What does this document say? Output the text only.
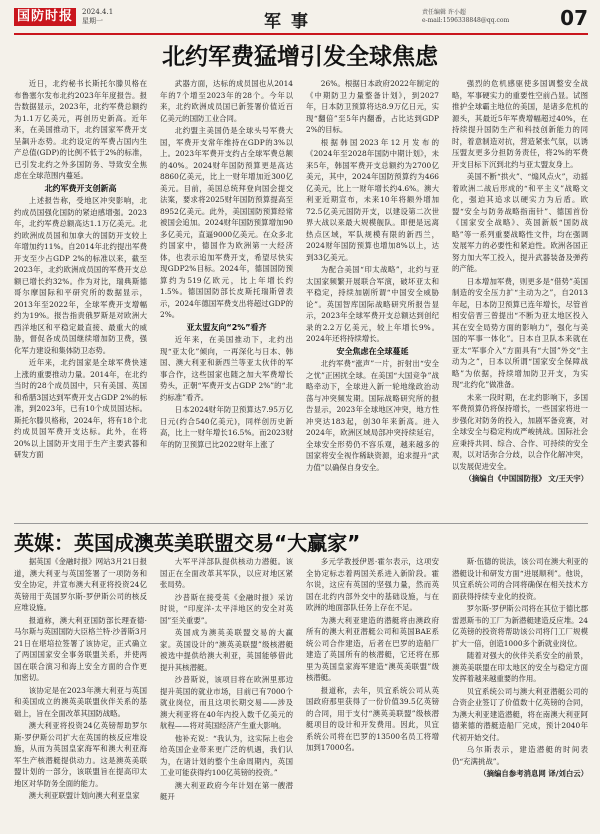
国防时报	2024.4.1
星期一	军事	责任编辑 许小超
e-mail:1596338848@qq.com	07
北约军费猛增引发全球焦虑

近日，北约秘书长斯托尔滕贝格在布鲁塞尔发布北约2023年年度报告。报告数据显示，2023年，北约军费总额约为1.1万亿美元，再创历史新高。近年来，在美国推动下，北约国家军费开支呈飙升态势。北约设定的军费占国内生产总值(GDP)的比例不低于2%的标准，已引发北约之外多国防务、导致安全焦虑在全球范围内蔓延。

北约军费开支创新高

上述报告称，受地区冲突影响，北约成员国强化国防的紧迫感增强。2023年，北约军费总额高达1.1万亿美元。北约欧洲成员国和加拿大的国防开支较上年增加约11%。自2014年北约提出军费开支至少占GDP 2%的标准以来，截至2023年，北约欧洲成员国的军费开支总额已增长约32%。作为对比，瑞典斯德哥尔摩国际和平研究所的数据显示，2013年至2022年，全球军费开支增幅约为19%。报告指责俄罗斯是对欧洲大西洋地区和平稳定最直接、最重大的威胁，督促各成员国继续增加防卫费，强化军力建设和集体防卫态势。

近年来，北约国家是全球军费快速上涨的重要推动力量。2014年，在北约当时的28个成员国中，只有美国、英国和希腊3国达到军费开支占GDP 2%的标准，到2023年，已有10个成员国达标。斯托尔滕贝格称，2024年，将有18个北约成员国军费开支达标。此外，在将20%以上国防开支用于生产主要武器和研发方面

武器方面，达标的成员国也从2014年的7个增至2023年的28个。今年以来，北约欧洲成员国已新签署价值近百亿美元的国防工业合同。

北约盟主美国仍是全球头号军费大国，军费开支常年维持在GDP的3%以上。2023年军费开支约占全球军费总额的40%。2024财年国防预算更是高达8860亿美元，比上一财年增加近300亿美元。目前，美国总统拜登向国会提交法案，要求将2025财年国防预算提高至8952亿美元。此外，美国国防预算经常被国会追加。2024财年国防预算增加90多亿美元，直逼9000亿美元。在众多北约国家中，德国作为欧洲第一大经济体，也表示追加军费开支，希望尽快实现GDP2%目标。2024年，德国国防预算约为519亿欧元，比上年增长约1.5%。德国国防部长皮斯托瑞斯曾表示，2024年德国军费支出将超过GDP的2%。

亚太盟友向“2%”看齐

近年来，在美国推动下，北约出现“亚太化”倾向，一再深化与日本、韩国、澳大利亚和新西兰等亚太伙伴的军事合作，这些国家也随之加大军费增长势头，正朝“军费开支占GDP 2%”的“北约标准”看齐。

日本2024财年防卫预算达7.95万亿日元(约合540亿美元)，同样创历史新高，比上一财年增长16.5%。而2023财年的防卫预算已比2022财年上涨了

26%。根据日本政府2022年制定的《中期防卫力量整备计划》，到2027年，日本防卫预算将达8.9万亿日元，实现“翻倍”至5年内翻番，占比达到GDP 2%的目标。

根据韩国2023年12月发布的《2024年至2028年国防中期计划》，未来5年，韩国军费开支总额约为2700亿美元，其中，2024年国防预算约为466亿美元，比上一财年增长约4.6%。澳大利亚近期宣布，未来10年将额外增加72.5亿美元国防开支，以建设第二次世界大战以来最大规模舰队。即便是远离热点区域，军队规模有限的新西兰，2024财年国防预算也增加8%以上，达到33亿美元。

为配合美国“印太战略”，北约与亚太国家频繁开展联合军演，破坏亚太和平稳定，持续加剧所谓“中国安全威胁论”。英国智库国际战略研究所报告显示，2023年全球军费开支总额达到创纪录的2.2万亿美元，较上年增长9%。2024年还将持续增长。

安全焦虑在全球蔓延

北约军费“涨声”一片，折射出“安全之忧”正困扰全球。在美国“大国竞争”战略牵动下，全球进入新一轮地缘政治动荡与冲突频发期。国际战略研究所的报告显示，2023年全球地区冲突，地方性冲突达183起，创30年来新高。进入2024年，欧洲区域局部冲突持续延宕，全球安全形势仍不容乐观，越来越多的国家将安全视作稀缺资源，追求提升“武力值”以确保自身安全。

强烈的危机感驱使多国调整安全战略，军事硬实力的重要性空前凸显。试图推护全球霸主地位的美国，是诸多危机的源头，其最近5年军费增幅超过40%，在持续提升国防生产和科技创新能力的同时，着意制造对抗，营造紧张气氛，以诱压盟友更多分担防务责任，将2%的军费开支目标下沉到北约与亚太盟友身上。

美国不断“拱火”、“煽风点火”，动摇着欧洲二战后形成的“和平主义”战略文化，强迫其追求以硬实力为后盾。欧盟“安全与防务战略指南针”、德国首份《国家安全战略》、英国新版“国防战略”等一系列重要战略性文件，均在强调发展军力的必要性和紧迫性。欧洲各国正努力加大军工投入，提升武器装备及弹药的产能。

日本增加军费，则更多是“借势”美国制造的安全压力扩“主动为之”，自2013年起，日本防卫预算已连年增长，尽管首相安倍晋三曾提出“不断为亚太地区投入其在安全局势方面的影响力”，强化与美国的军事一体化”。日本自卫队本来就在亚太“军事介入”方面具有“大国”外交“主动为之”，日本以所谓“国家安全保障战略”为依据，持续增加防卫开支，为实现“北约化”做准备。

未来一段时期，在北约影响下，多国军费预算仍将保持增长，一些国家将进一步强化对防务的投入，加剧军备竞赛，对全球安全与稳定构成严峻挑战。国际社会应秉持共同、综合、合作、可持续的安全观，以对话弥合分歧，以合作化解冲突，以发展促进安全。

（摘编自《中国国防报》 文/王天宇）

英媒：英国成澳英美联盟交易“大赢家”

据英国《金融时报》网站3月21日报道，澳大利亚与英国签署了一项防务和安全协定，并宣布澳大利亚将投资24亿英镑用于英国罗尔斯-罗伊斯公司的核反应堆设施。

报道称，澳大利亚国防部长理查德·马尔斯与英国国防大臣格兰特·沙普斯3月21日在堪培拉签署了该协定，正式确立了两国国家安全事务联盟关系，并使两国在联合演习和海上安全方面的合作更加密切。

该协定是在2023年澳大利亚与英国和美国成立的澳英美联盟伙伴关系的基础上，旨在全面改革其国防战略。

澳大利亚将投资24亿英镑帮助罗尔斯-罗伊斯公司扩大在英国的核反应堆设施，从而为英国皇家海军和澳大利亚海军生产核潜艇提供动力。这是澳英美联盟计划的一部分，该联盟旨在提高印太地区对华防务全面的能力。

澳大利亚联盟计划向澳大利亚皇家

大军平洋部队提供核动力潜艇。该国正在全面改革其军队，以应对地区紧张局势。

沙普斯在接受英《金融时报》采访时说，“印度洋-太平洋地区的安全对英国”至关重要”。

英国成为澳英美联盟交易的大赢家。英国设计的“澳英美联盟”级核潜艇被选中提供给澳大利亚，英国能够借此提升其核潜艇。

沙普斯说，该项目将在欧洲里那边提升英国的就业市场，目前已有7000个就业岗位，而且这项长期交易——涉及澳大利亚将在40年内投入数千亿美元的航程——将对英国经济产生重大影响。

他补充说：“我认为，这实际上也会给英国企业带来更广泛的机遇，我们认为，在诸计划的整个生命周期内，英国工业可能获得约100亿英镑的投资。”

澳大利亚政府今年计划在第一艘潜艇开

多元学教授伊恩·霍尔表示，这项安全协定标志着两国关系进入新阶段。霍尔说，这应有英国的坚强力量，然而英国在北约内部外交中的基础设施，与在欧洲的地面部队任务上存在不足。

为澳大利亚建造的潜艇将由澳政府所有的澳大利亚潜艇公司和英国BAE系统公司合作建造，后者在巴罗的造船厂建造了英国所有的核潜艇，它还将在那里为英国皇家海军建造“澳英美联盟”级核潜艇。

报道称，去年，贝宜系统公司从英国政府那里获得了一份价值39.5亿英镑的合同，用于支付“澳英美联盟”级核潜艇项目的设计和开发费用。因此，贝宜系统公司将在巴罗的13500名员工将增加到17000名。

斯·伍德的说法，该公司在澳大利亚的潜艇设计和研发方面“进展顺利”。他说，贝宜系统公司的合同将确保在相关技术方面获得持续专业化的投资。

罗尔斯-罗伊斯公司将在其位于德比郡雷恩斯韦的工厂为新潜艇建造反应堆。24亿英镑的投资将帮助该公司将门工厂规模扩大一倍，创造1000多个新就业岗位。

随着对强大的伙伴关系安全的前景，澳英美联盟在印太地区的安全与稳定方面发挥着越来越重要的作用。

贝宜系统公司与澳大利亚潜艇公司的合资企业签订了价值数十亿英镑的合同，为澳大利亚建造潜艇，将在南澳大利亚阿德莱德的潜艇造船厂完成，预计2040年代初开始交付。

乌尔斯表示，建造潜艇的时间表仍“充满挑战”。

（摘编自参考消息网 译/刘白云）
